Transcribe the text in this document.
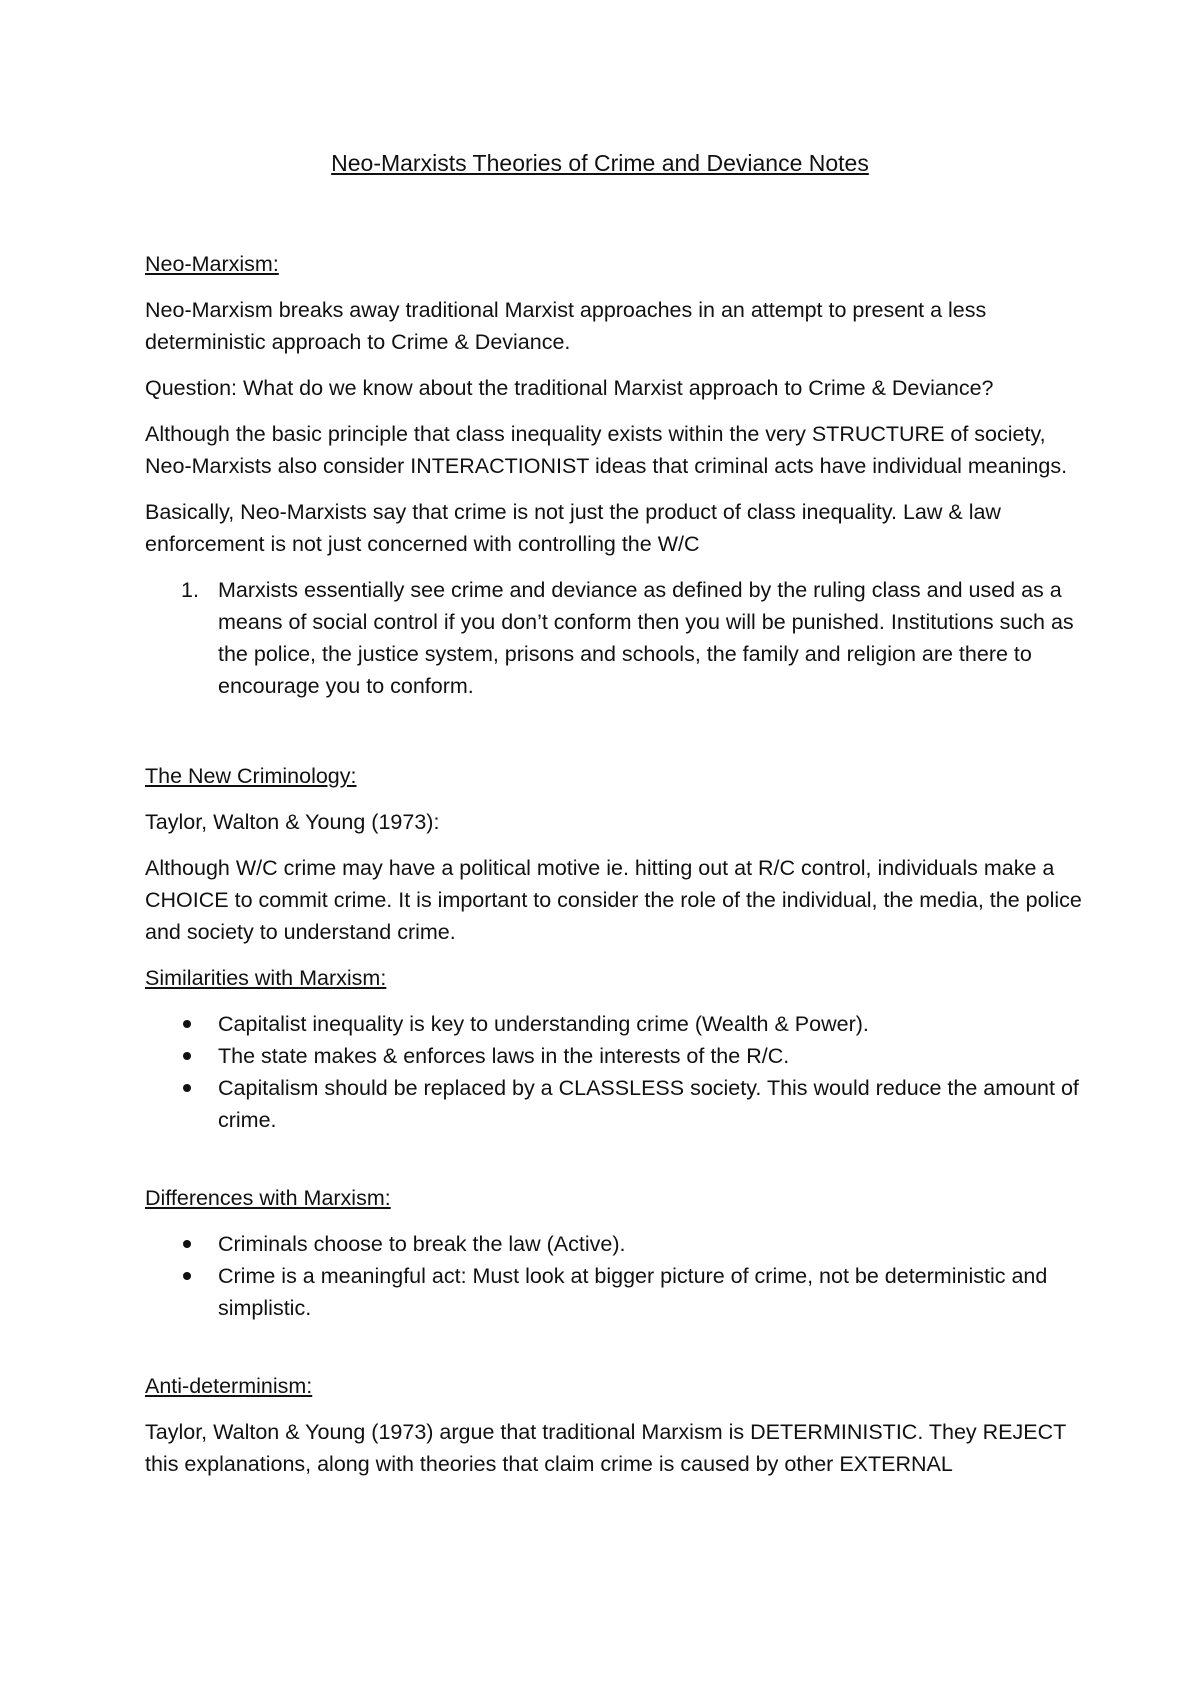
Neo-Marxists Theories of Crime and Deviance Notes
Neo-Marxism:

Neo-Marxism breaks away traditional Marxist approaches in an attempt to present a less deterministic approach to Crime & Deviance.

Question: What do we know about the traditional Marxist approach to Crime & Deviance?

Although the basic principle that class inequality exists within the very STRUCTURE of society, Neo-Marxists also consider INTERACTIONIST ideas that criminal acts have individual meanings.

Basically, Neo-Marxists say that crime is not just the product of class inequality. Law & law enforcement is not just concerned with controlling the W/C

1. Marxists essentially see crime and deviance as defined by the ruling class and used as a means of social control if you don’t conform then you will be punished. Institutions such as the police, the justice system, prisons and schools, the family and religion are there to encourage you to conform.
The New Criminology:

Taylor, Walton & Young (1973):

Although W/C crime may have a political motive ie. hitting out at R/C control, individuals make a CHOICE to commit crime. It is important to consider the role of the individual, the media, the police and society to understand crime.

Similarities with Marxism:
Capitalist inequality is key to understanding crime (Wealth & Power).
The state makes & enforces laws in the interests of the R/C.
Capitalism should be replaced by a CLASSLESS society. This would reduce the amount of crime.
Differences with Marxism:
Criminals choose to break the law (Active).
Crime is a meaningful act: Must look at bigger picture of crime, not be deterministic and simplistic.
Anti-determinism:

Taylor, Walton & Young (1973) argue that traditional Marxism is DETERMINISTIC. They REJECT this explanations, along with theories that claim crime is caused by other EXTERNAL
